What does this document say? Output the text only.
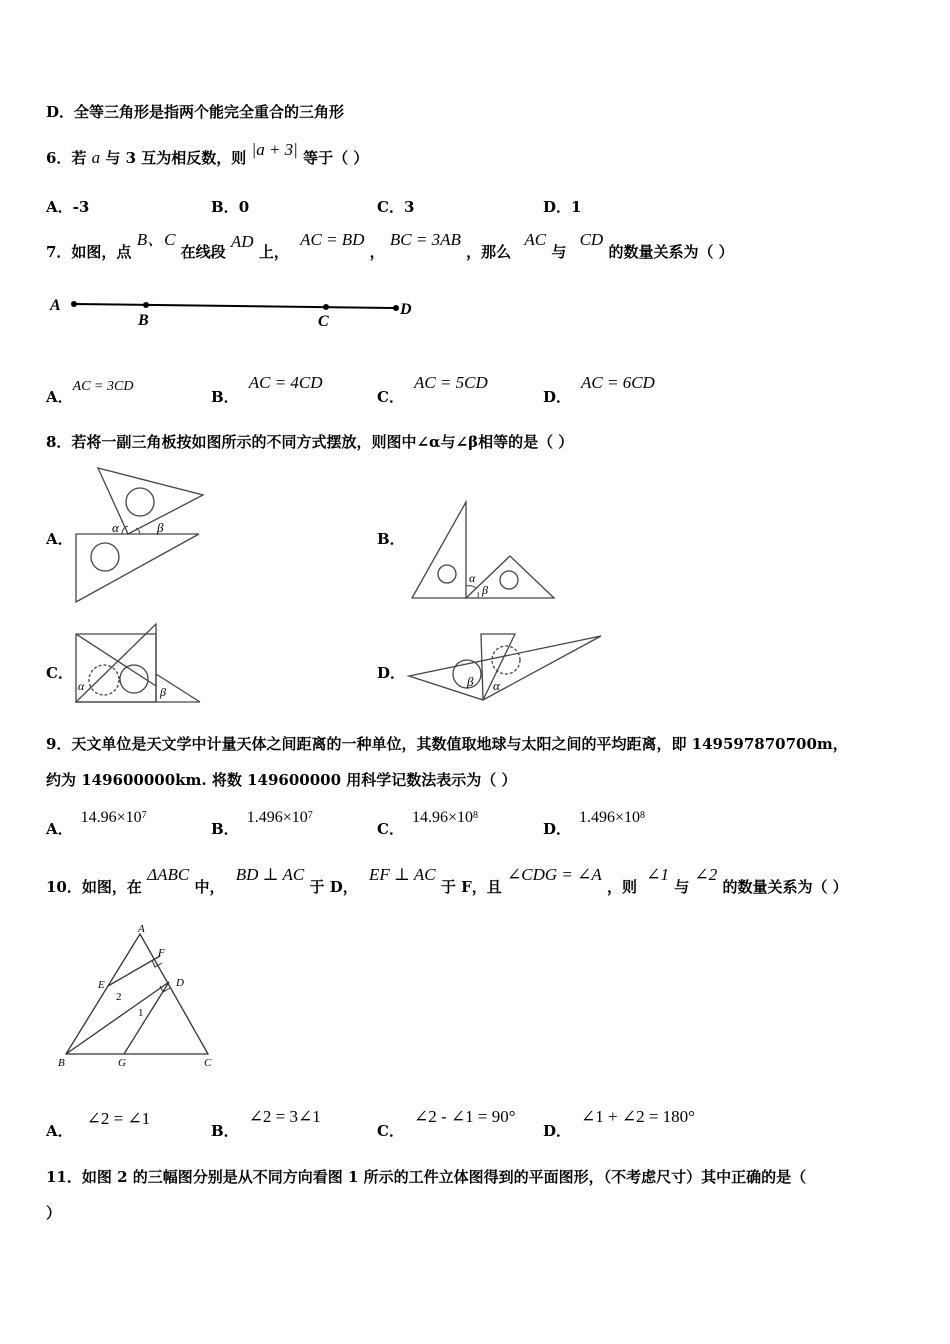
D．全等三角形是指两个能完全重合的三角形
6．若 a 与 3 互为相反数，则 |a + 3| 等于（ ）
A．-3	B．0	C．3	D．1
7．如图，点 B、C 在线段 AD 上， AC = BD ， BC = 3AB ，那么 AC 与 CD 的数量关系为（ ）
A
B	C
D
A．AC = 3CD
B．AC = 4CD
C．AC = 5CD
D．AC = 6CD
8．若将一副三角板按如图所示的不同方式摆放，则图中∠α与∠β相等的是（ ）
A．
α	β
B．
α
β
C．
α	β
D．	β α
9．天文单位是天文学中计量天体之间距离的一种单位，其数值取地球与太阳之间的平均距离，即 149597870700m，
约为 149600000km. 将数 149600000 用科学记数法表示为（ ）
A．$14.96\times 10^7$
B．$1.496\times 10^7$
C．$14.96\times 10^8$
D．$1.496\times 10^8$
10．如图，在 ΔABC 中， BD ⊥ AC 于 D， EF ⊥ AC 于 F，且 ∠CDG = ∠A ，则 ∠1 与 ∠2 的数量关系为（ ）
A
B	C
D
E
F
G
1
2
A．∠2 = ∠1
B．∠2 = 3∠1
C．∠2 - ∠1 = 90°
D．∠1 + ∠2 = 180°
11．如图 2 的三幅图分别是从不同方向看图 1 所示的工件立体图得到的平面图形，（不考虑尺寸）其中正确的是（
）
